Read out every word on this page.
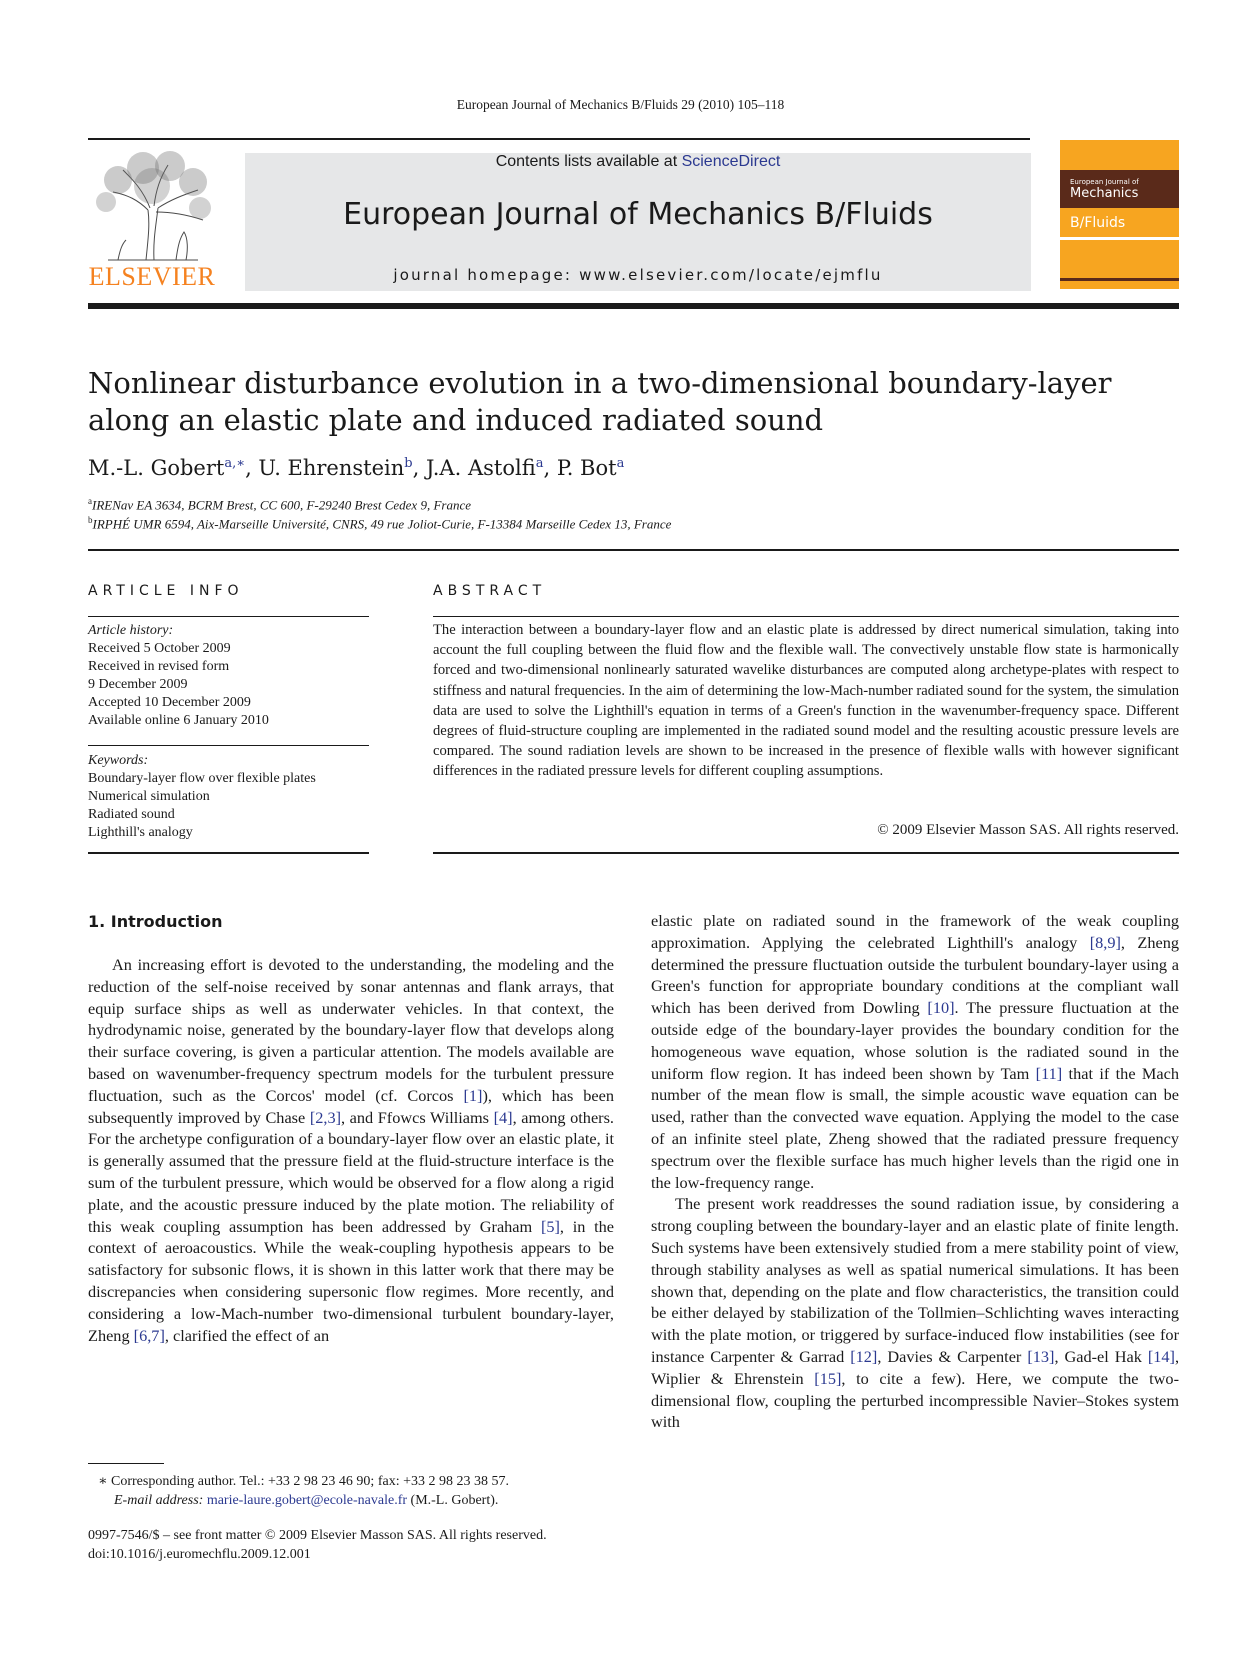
European Journal of Mechanics B/Fluids 29 (2010) 105–118
ELSEVIER
Contents lists available at ScienceDirect
European Journal of Mechanics B/Fluids
journal homepage: www.elsevier.com/locate/ejmflu
European Journal of
Mechanics
B/Fluids
Nonlinear disturbance evolution in a two-dimensional boundary-layer along an elastic plate and induced radiated sound
M.-L. Gobert$^{a,∗}$, U. Ehrenstein$^b$, J.A. Astolfi$^a$, P. Bot$^a$
$^a$IRENav EA 3634, BCRM Brest, CC 600, F-29240 Brest Cedex 9, France
$^b$IRPHÉ UMR 6594, Aix-Marseille Université, CNRS, 49 rue Joliot-Curie, F-13384 Marseille Cedex 13, France
ARTICLE INFO
Article history:
Received 5 October 2009
Received in revised form
9 December 2009
Accepted 10 December 2009
Available online 6 January 2010
Keywords:
Boundary-layer flow over flexible plates
Numerical simulation
Radiated sound
Lighthill's analogy
ABSTRACT
The interaction between a boundary-layer flow and an elastic plate is addressed by direct numerical simulation, taking into account the full coupling between the fluid flow and the flexible wall. The convectively unstable flow state is harmonically forced and two-dimensional nonlinearly saturated wavelike disturbances are computed along archetype-plates with respect to stiffness and natural frequencies. In the aim of determining the low-Mach-number radiated sound for the system, the simulation data are used to solve the Lighthill's equation in terms of a Green's function in the wavenumber-frequency space. Different degrees of fluid-structure coupling are implemented in the radiated sound model and the resulting acoustic pressure levels are compared. The sound radiation levels are shown to be increased in the presence of flexible walls with however significant differences in the radiated pressure levels for different coupling assumptions.
© 2009 Elsevier Masson SAS. All rights reserved.
1. Introduction

An increasing effort is devoted to the understanding, the modeling and the reduction of the self-noise received by sonar antennas and flank arrays, that equip surface ships as well as underwater vehicles. In that context, the hydrodynamic noise, generated by the boundary-layer flow that develops along their surface covering, is given a particular attention. The models available are based on wavenumber-frequency spectrum models for the turbulent pressure fluctuation, such as the Corcos' model (cf. Corcos [1]), which has been subsequently improved by Chase [2,3], and Ffowcs Williams [4], among others. For the archetype configuration of a boundary-layer flow over an elastic plate, it is generally assumed that the pressure field at the fluid-structure interface is the sum of the turbulent pressure, which would be observed for a flow along a rigid plate, and the acoustic pressure induced by the plate motion. The reliability of this weak coupling assumption has been addressed by Graham [5], in the context of aeroacoustics. While the weak-coupling hypothesis appears to be satisfactory for subsonic flows, it is shown in this latter work that there may be discrepancies when considering supersonic flow regimes. More recently, and considering a low-Mach-number two-dimensional turbulent boundary-layer, Zheng [6,7], clarified the effect of an

elastic plate on radiated sound in the framework of the weak coupling approximation. Applying the celebrated Lighthill's analogy [8,9], Zheng determined the pressure fluctuation outside the turbulent boundary-layer using a Green's function for appropriate boundary conditions at the compliant wall which has been derived from Dowling [10]. The pressure fluctuation at the outside edge of the boundary-layer provides the boundary condition for the homogeneous wave equation, whose solution is the radiated sound in the uniform flow region. It has indeed been shown by Tam [11] that if the Mach number of the mean flow is small, the simple acoustic wave equation can be used, rather than the convected wave equation. Applying the model to the case of an infinite steel plate, Zheng showed that the radiated pressure frequency spectrum over the flexible surface has much higher levels than the rigid one in the low-frequency range.

The present work readdresses the sound radiation issue, by considering a strong coupling between the boundary-layer and an elastic plate of finite length. Such systems have been extensively studied from a mere stability point of view, through stability analyses as well as spatial numerical simulations. It has been shown that, depending on the plate and flow characteristics, the transition could be either delayed by stabilization of the Tollmien–Schlichting waves interacting with the plate motion, or triggered by surface-induced flow instabilities (see for instance Carpenter & Garrad [12], Davies & Carpenter [13], Gad-el Hak [14], Wiplier & Ehrenstein [15], to cite a few). Here, we compute the two-dimensional flow, coupling the perturbed incompressible Navier–Stokes system with

∗ Corresponding author. Tel.: +33 2 98 23 46 90; fax: +33 2 98 23 38 57.
E-mail address: marie-laure.gobert@ecole-navale.fr (M.-L. Gobert).
0997-7546/$ – see front matter © 2009 Elsevier Masson SAS. All rights reserved.
doi:10.1016/j.euromechflu.2009.12.001
